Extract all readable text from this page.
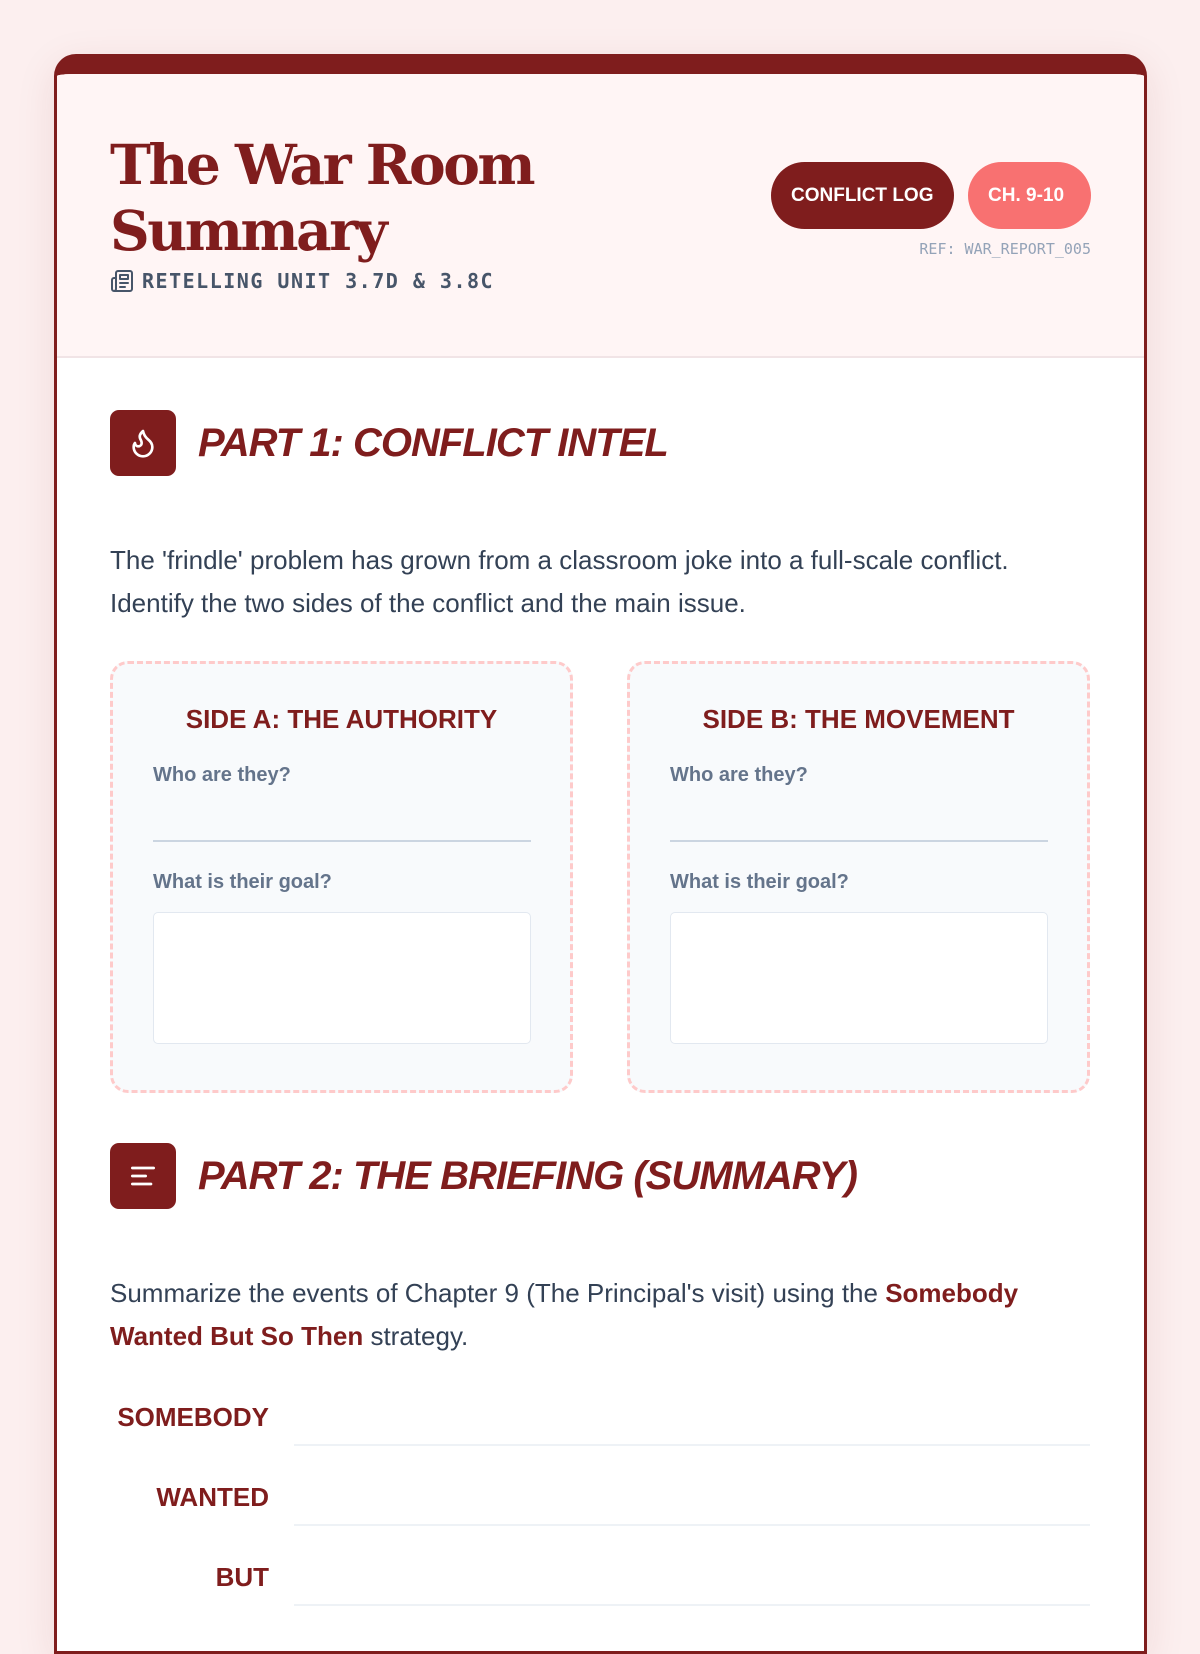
The War Room Summary
RETELLING UNIT 3.7D & 3.8C
CONFLICT LOG	CH. 9-10
REF: WAR_REPORT_005
PART 1: CONFLICT INTEL

The 'frindle' problem has grown from a classroom joke into a full-scale conflict. Identify the two sides of the conflict and the main issue.

SIDE A: THE AUTHORITY
Who are they?
What is their goal?
SIDE B: THE MOVEMENT
Who are they?
What is their goal?
PART 2: THE BRIEFING (SUMMARY)

Summarize the events of Chapter 9 (The Principal's visit) using the Somebody Wanted But So Then strategy.

SOMEBODY
WANTED
BUT
